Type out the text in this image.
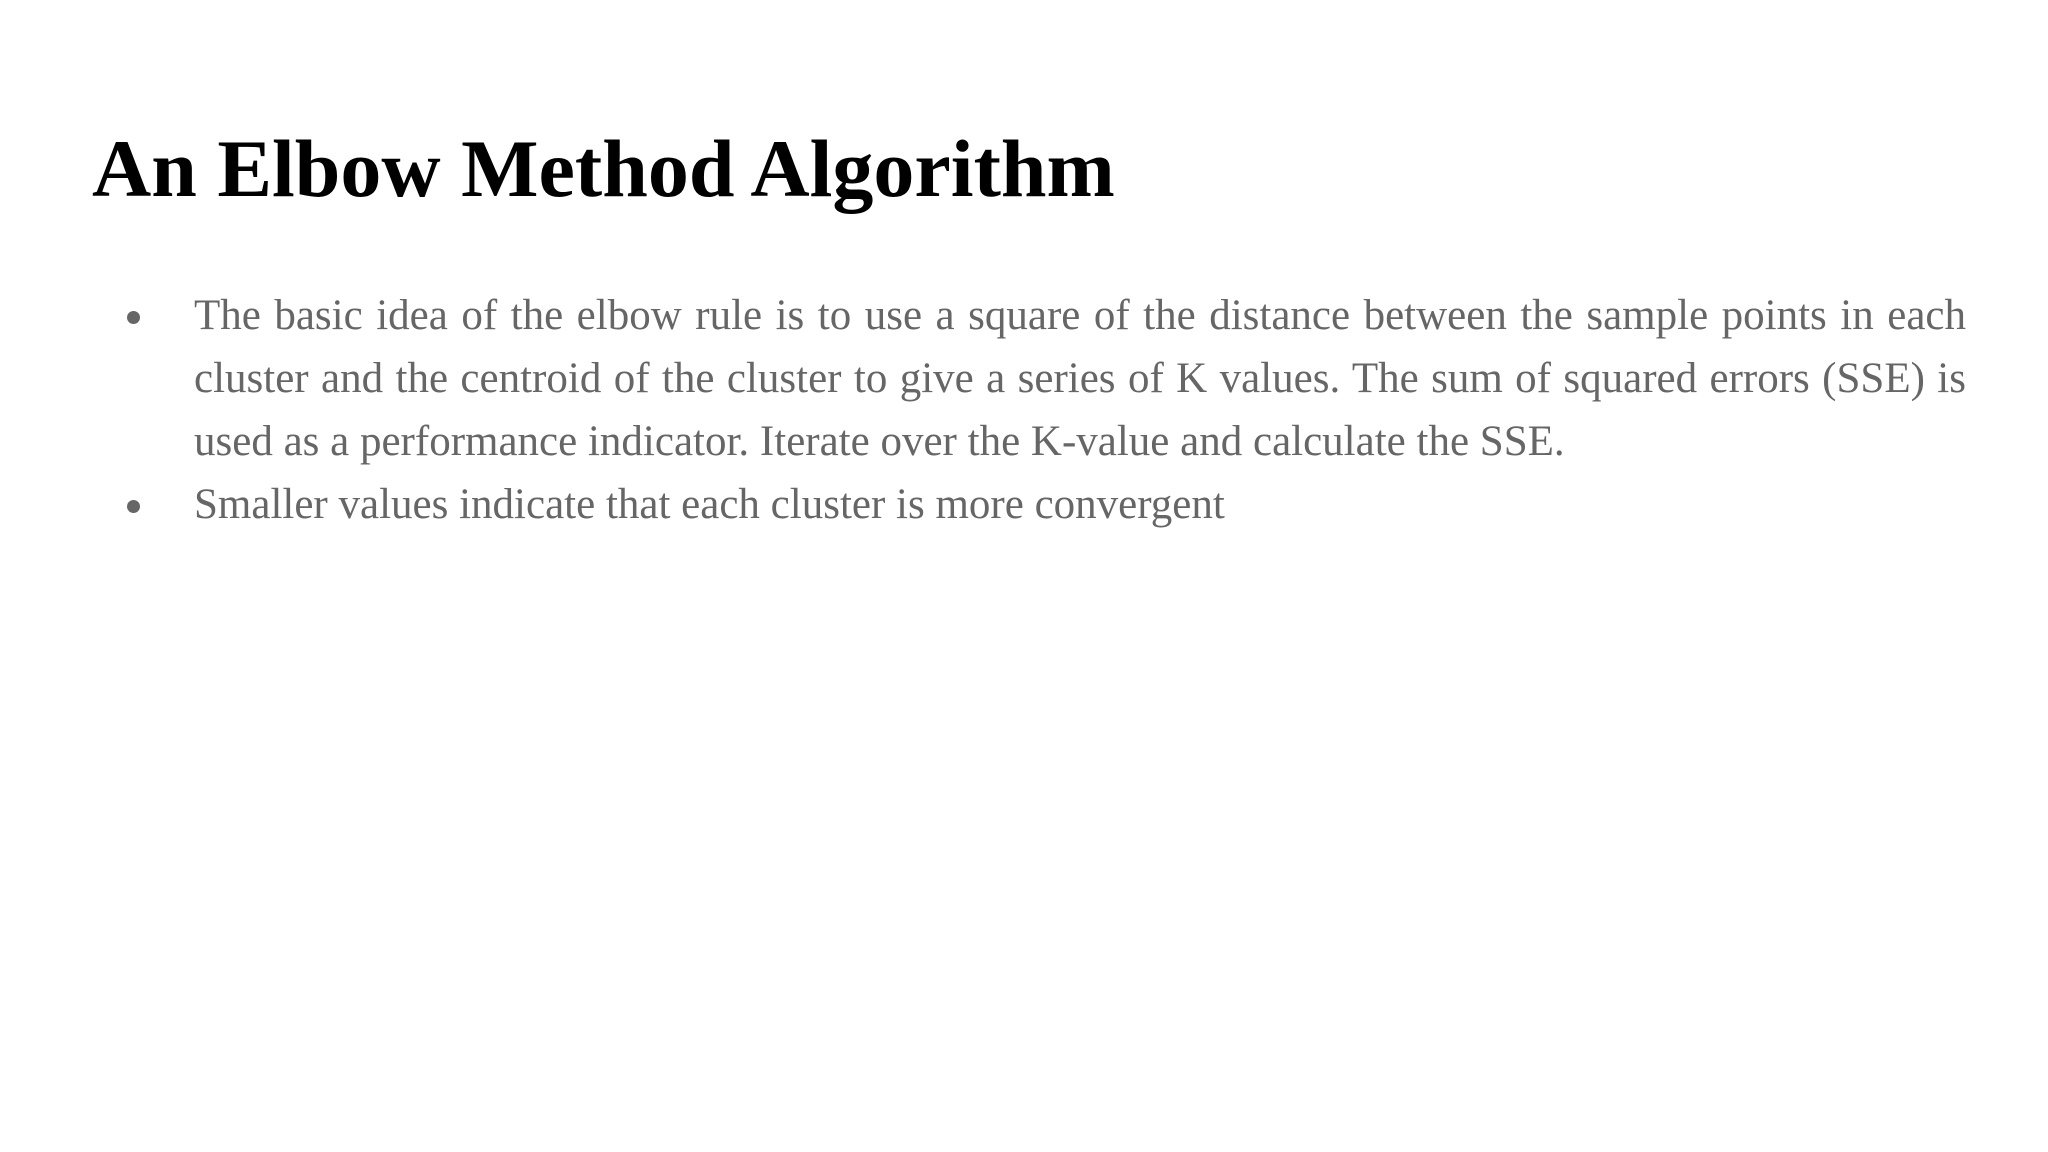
An Elbow Method Algorithm
The basic idea of the elbow rule is to use a square of the distance between the sample points in each cluster and the centroid of the cluster to give a series of K values. The sum of squared errors (SSE) is used as a performance indicator. Iterate over the K-value and calculate the SSE.
Smaller values indicate that each cluster is more convergent
